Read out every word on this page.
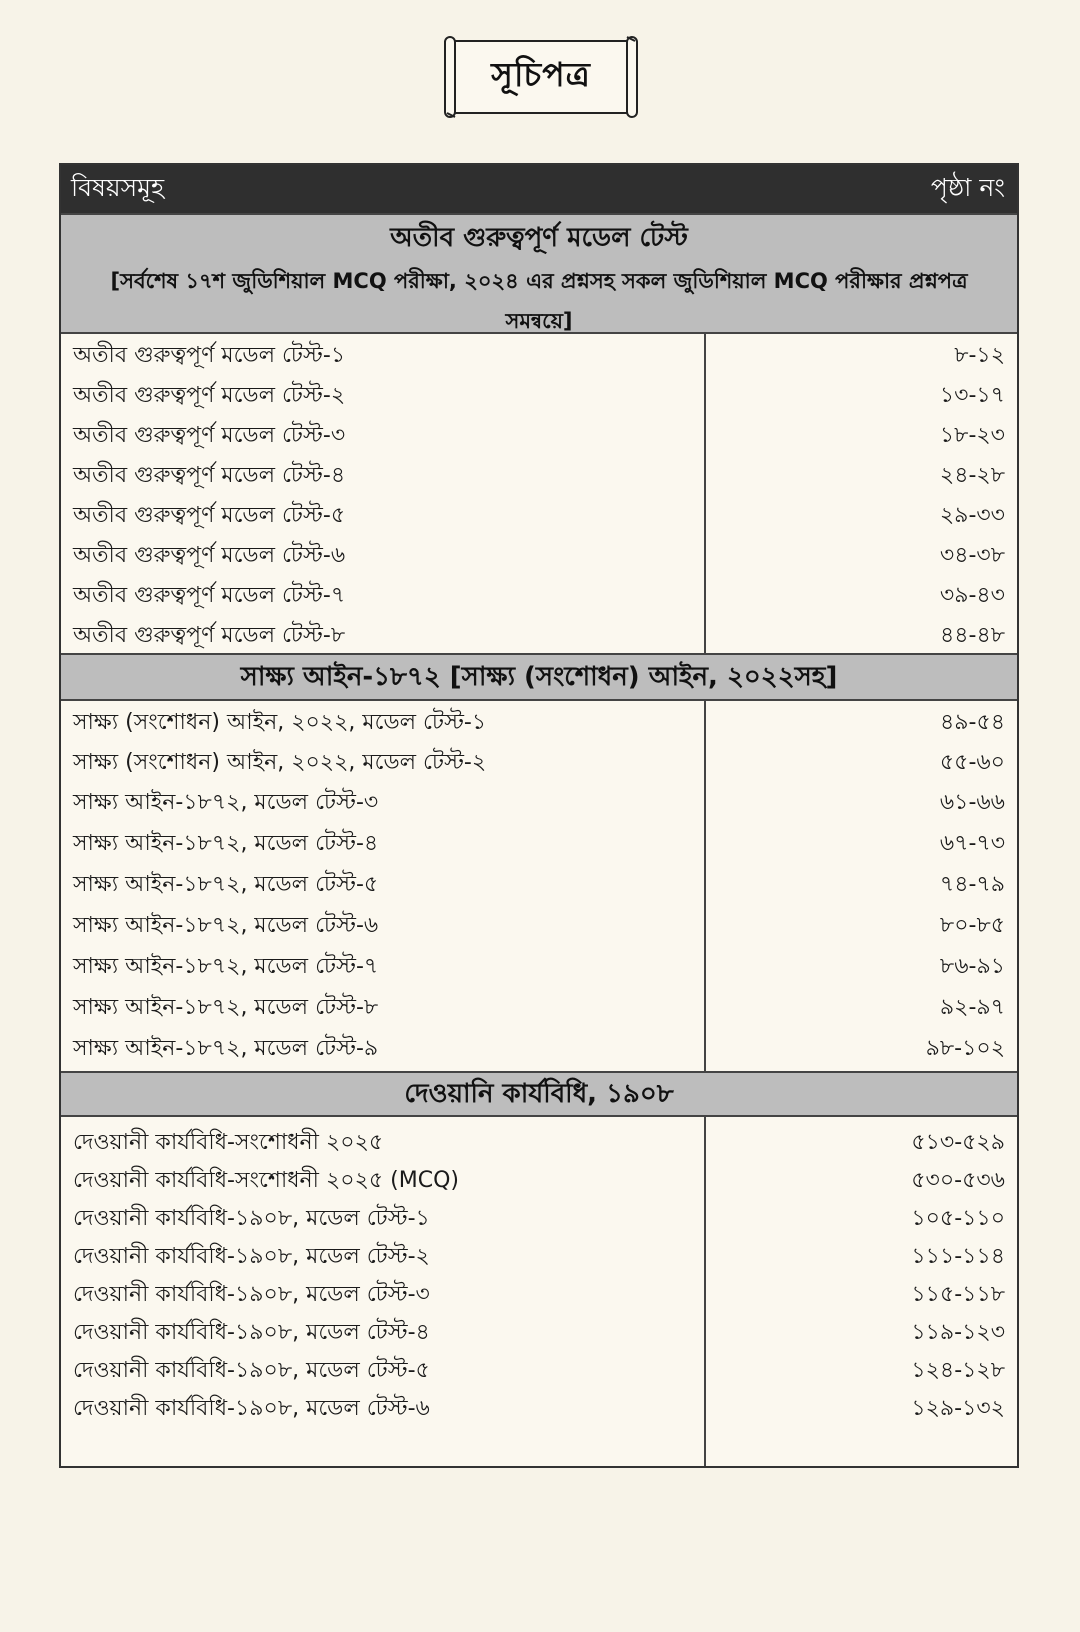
সূচিপত্র
বিষয়সমূহ	পৃষ্ঠা নং
অতীব গুরুত্বপূর্ণ মডেল টেস্ট
[সর্বশেষ ১৭শ জুডিশিয়াল MCQ পরীক্ষা, ২০২৪ এর প্রশ্নসহ সকল জুডিশিয়াল MCQ পরীক্ষার প্রশ্নপত্র সমন্বয়ে]
অতীব গুরুত্বপূর্ণ মডেল টেস্ট-১	৮-১২
অতীব গুরুত্বপূর্ণ মডেল টেস্ট-২	১৩-১৭
অতীব গুরুত্বপূর্ণ মডেল টেস্ট-৩	১৮-২৩
অতীব গুরুত্বপূর্ণ মডেল টেস্ট-৪	২৪-২৮
অতীব গুরুত্বপূর্ণ মডেল টেস্ট-৫	২৯-৩৩
অতীব গুরুত্বপূর্ণ মডেল টেস্ট-৬	৩৪-৩৮
অতীব গুরুত্বপূর্ণ মডেল টেস্ট-৭	৩৯-৪৩
অতীব গুরুত্বপূর্ণ মডেল টেস্ট-৮	৪৪-৪৮
সাক্ষ্য আইন-১৮৭২ [সাক্ষ্য (সংশোধন) আইন, ২০২২সহ]
সাক্ষ্য (সংশোধন) আইন, ২০২২, মডেল টেস্ট-১	৪৯-৫৪
সাক্ষ্য (সংশোধন) আইন, ২০২২, মডেল টেস্ট-২	৫৫-৬০
সাক্ষ্য আইন-১৮৭২, মডেল টেস্ট-৩	৬১-৬৬
সাক্ষ্য আইন-১৮৭২, মডেল টেস্ট-৪	৬৭-৭৩
সাক্ষ্য আইন-১৮৭২, মডেল টেস্ট-৫	৭৪-৭৯
সাক্ষ্য আইন-১৮৭২, মডেল টেস্ট-৬	৮০-৮৫
সাক্ষ্য আইন-১৮৭২, মডেল টেস্ট-৭	৮৬-৯১
সাক্ষ্য আইন-১৮৭২, মডেল টেস্ট-৮	৯২-৯৭
সাক্ষ্য আইন-১৮৭২, মডেল টেস্ট-৯	৯৮-১০২
দেওয়ানি কার্যবিধি, ১৯০৮
দেওয়ানী কার্যবিধি-সংশোধনী ২০২৫	৫১৩-৫২৯
দেওয়ানী কার্যবিধি-সংশোধনী ২০২৫ (MCQ)	৫৩০-৫৩৬
দেওয়ানী কার্যবিধি-১৯০৮, মডেল টেস্ট-১	১০৫-১১০
দেওয়ানী কার্যবিধি-১৯০৮, মডেল টেস্ট-২	১১১-১১৪
দেওয়ানী কার্যবিধি-১৯০৮, মডেল টেস্ট-৩	১১৫-১১৮
দেওয়ানী কার্যবিধি-১৯০৮, মডেল টেস্ট-৪	১১৯-১২৩
দেওয়ানী কার্যবিধি-১৯০৮, মডেল টেস্ট-৫	১২৪-১২৮
দেওয়ানী কার্যবিধি-১৯০৮, মডেল টেস্ট-৬	১২৯-১৩২
